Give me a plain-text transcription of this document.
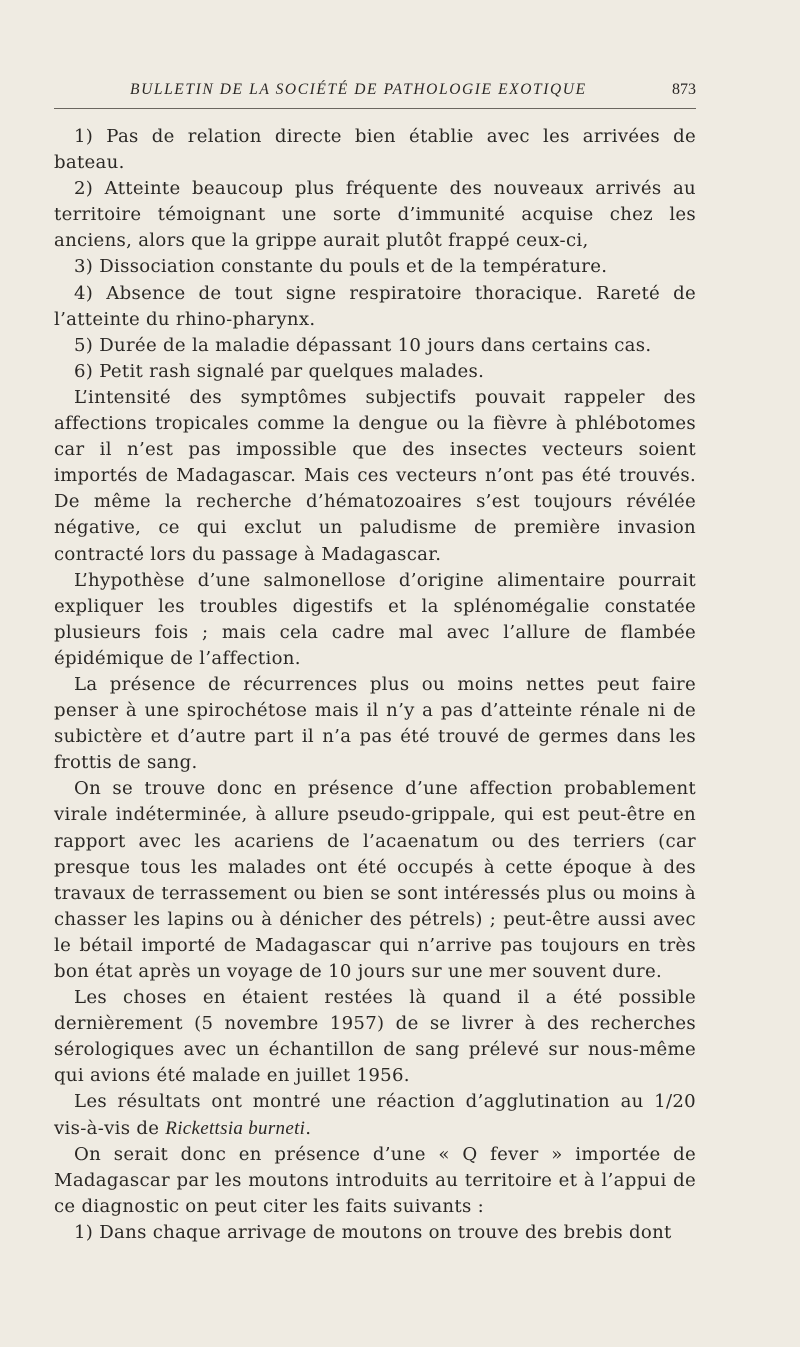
BULLETIN DE LA SOCIÉTÉ DE PATHOLOGIE EXOTIQUE	873

1) Pas de relation directe bien établie avec les arrivées de bateau.

2) Atteinte beaucoup plus fréquente des nouveaux arrivés au territoire témoignant une sorte d’immunité acquise chez les anciens, alors que la grippe aurait plutôt frappé ceux-ci,

3) Dissociation constante du pouls et de la température.

4) Absence de tout signe respiratoire thoracique. Rareté de l’atteinte du rhino-pharynx.

5) Durée de la maladie dépassant 10 jours dans certains cas.

6) Petit rash signalé par quelques malades.

L’intensité des symptômes subjectifs pouvait rappeler des affections tropicales comme la dengue ou la fièvre à phlébotomes car il n’est pas impossible que des insectes vecteurs soient importés de Madagascar. Mais ces vecteurs n’ont pas été trouvés. De même la recherche d’hématozoaires s’est toujours révélée négative, ce qui exclut un paludisme de première invasion contracté lors du passage à Madagascar.

L’hypothèse d’une salmonellose d’origine alimentaire pourrait expliquer les troubles digestifs et la splénomégalie constatée plusieurs fois ; mais cela cadre mal avec l’allure de flambée épidémique de l’affection.

La présence de récurrences plus ou moins nettes peut faire penser à une spirochétose mais il n’y a pas d’atteinte rénale ni de subictère et d’autre part il n’a pas été trouvé de germes dans les frottis de sang.

On se trouve donc en présence d’une affection probablement virale indéterminée, à allure pseudo-grippale, qui est peut-être en rapport avec les acariens de l’acaenatum ou des terriers (car presque tous les malades ont été occupés à cette époque à des travaux de terrassement ou bien se sont intéressés plus ou moins à chasser les lapins ou à dénicher des pétrels) ; peut-être aussi avec le bétail importé de Madagascar qui n’arrive pas toujours en très bon état après un voyage de 10 jours sur une mer souvent dure.

Les choses en étaient restées là quand il a été possible dernièrement (5 novembre 1957) de se livrer à des recherches sérologiques avec un échantillon de sang prélevé sur nous-même qui avions été malade en juillet 1956.

Les résultats ont montré une réaction d’agglutination au 1/20 vis-à-vis de Rickettsia burneti.

On serait donc en présence d’une « Q fever » importée de Madagascar par les moutons introduits au territoire et à l’appui de ce diagnostic on peut citer les faits suivants :

1) Dans chaque arrivage de moutons on trouve des brebis dont
